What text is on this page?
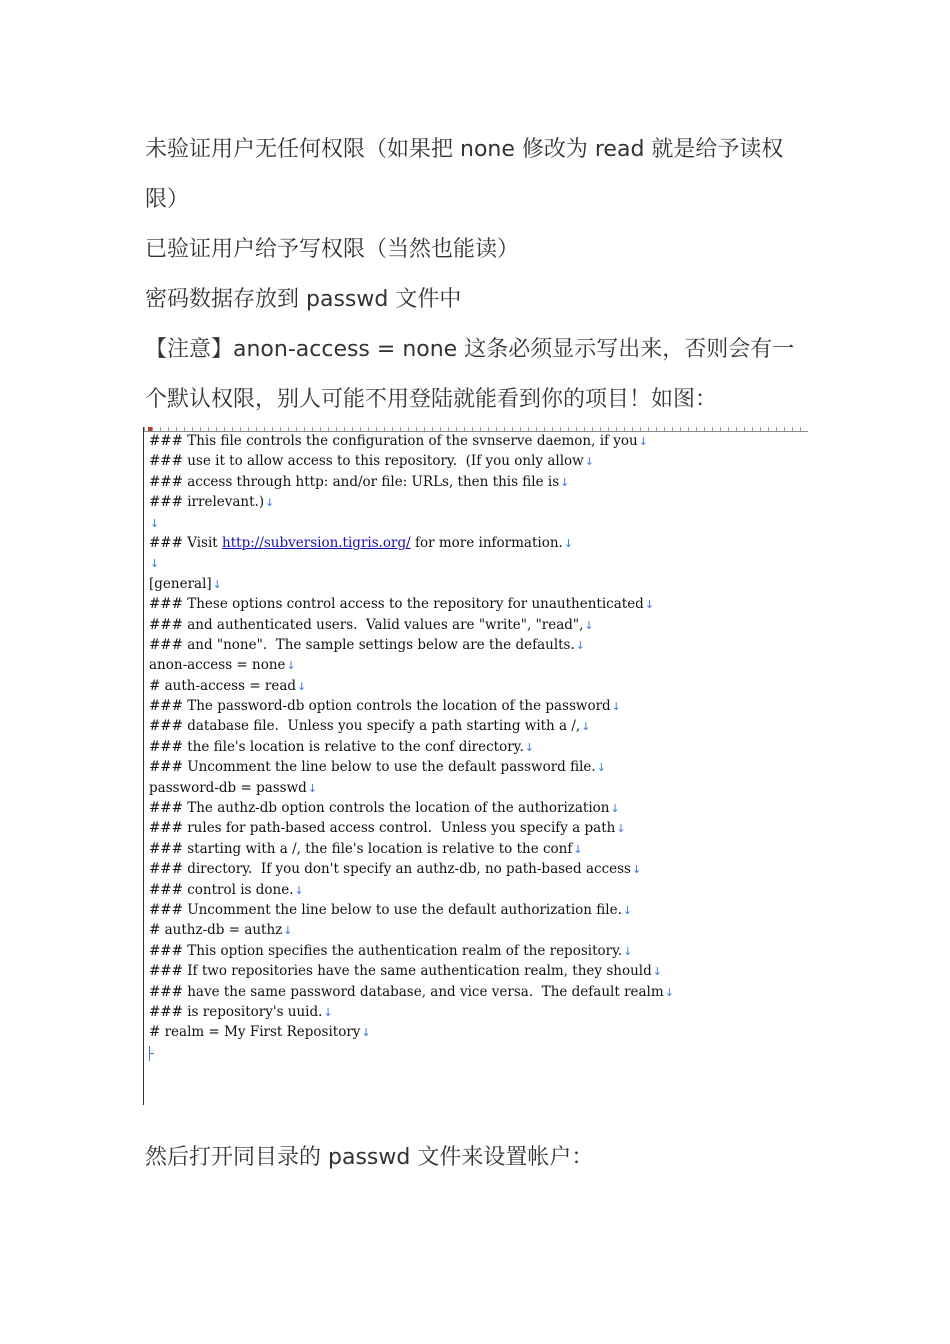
未验证用户无任何权限（如果把 none 修改为 read 就是给予读权

限）

已验证用户给予写权限（当然也能读）

密码数据存放到 passwd 文件中

【注意】anon-access = none 这条必须显示写出来，否则会有一

个默认权限，别人可能不用登陆就能看到你的项目！如图：

### This file controls the configuration of the svnserve daemon, if you↓
### use it to allow access to this repository.  (If you only allow↓
### access through http: and/or file: URLs, then this file is↓
### irrelevant.)↓
↓
### Visit http://subversion.tigris.org/ for more information.↓
↓
[general]↓
### These options control access to the repository for unauthenticated↓
### and authenticated users.  Valid values are "write", "read",↓
### and "none".  The sample settings below are the defaults.↓
anon-access = none↓
# auth-access = read↓
### The password-db option controls the location of the password↓
### database file.  Unless you specify a path starting with a /,↓
### the file's location is relative to the conf directory.↓
### Uncomment the line below to use the default password file.↓
password-db = passwd↓
### The authz-db option controls the location of the authorization↓
### rules for path-based access control.  Unless you specify a path↓
### starting with a /, the file's location is relative to the conf↓
### directory.  If you don't specify an authz-db, no path-based access↓
### control is done.↓
### Uncomment the line below to use the default authorization file.↓
# authz-db = authz↓
### This option specifies the authentication realm of the repository.↓
### If two repositories have the same authentication realm, they should↓
### have the same password database, and vice versa.  The default realm↓
### is repository's uuid.↓
# realm = My First Repository↓

然后打开同目录的 passwd 文件来设置帐户：
